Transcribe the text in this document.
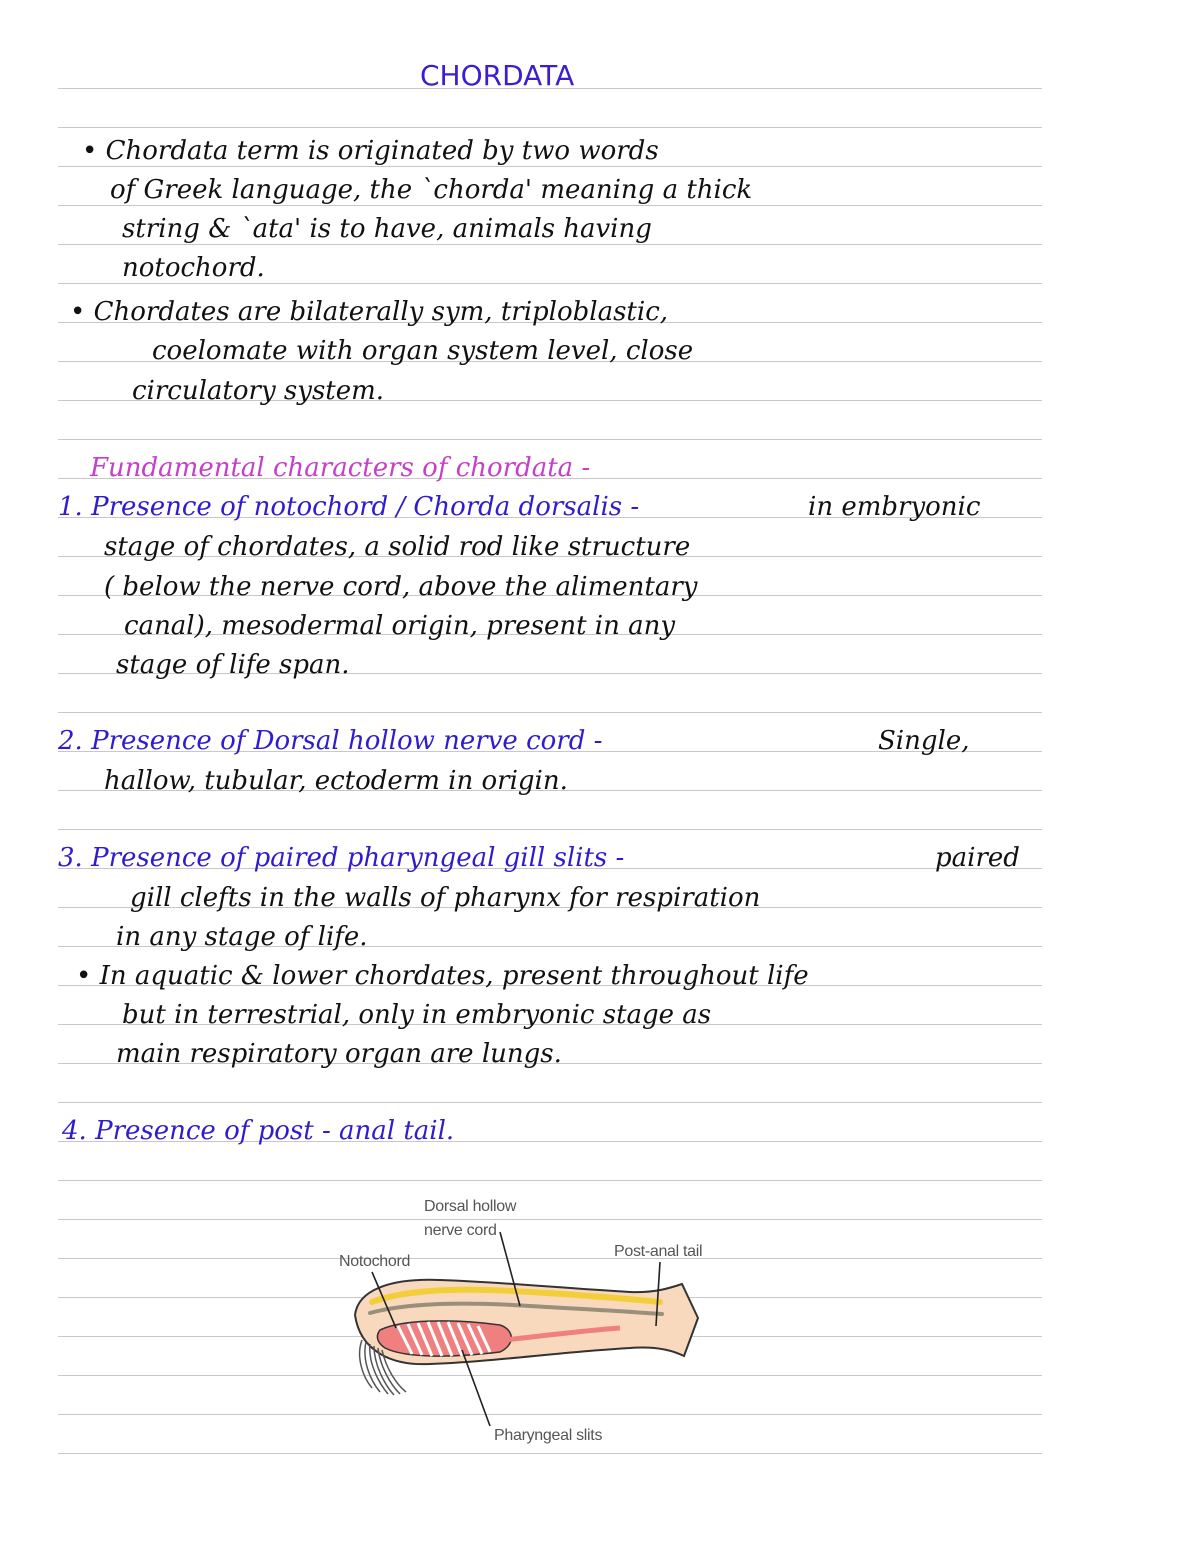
CHORDATA

• Chordata term is originated by two words

of Greek language, the `chorda' meaning a thick

string & `ata' is to have, animals having

notochord.

• Chordates are bilaterally sym, triploblastic,

coelomate with organ system level, close

circulatory system.

Fundamental characters of chordata -

1. Presence of notochord / Chorda dorsalis -	in embryonic

stage of chordates, a solid rod like structure

( below the nerve cord, above the alimentary

canal), mesodermal origin, present in any

stage of life span.

2. Presence of Dorsal hollow nerve cord -	Single,

hallow, tubular, ectoderm in origin.

3. Presence of paired pharyngeal gill slits -	paired

gill clefts in the walls of pharynx for respiration

in any stage of life.

• In aquatic & lower chordates, present throughout life

but in terrestrial, only in embryonic stage as

main respiratory organ are lungs.

4. Presence of post - anal tail.

Dorsal hollow
nerve cord
Notochord
Post-anal tail
Pharyngeal slits
